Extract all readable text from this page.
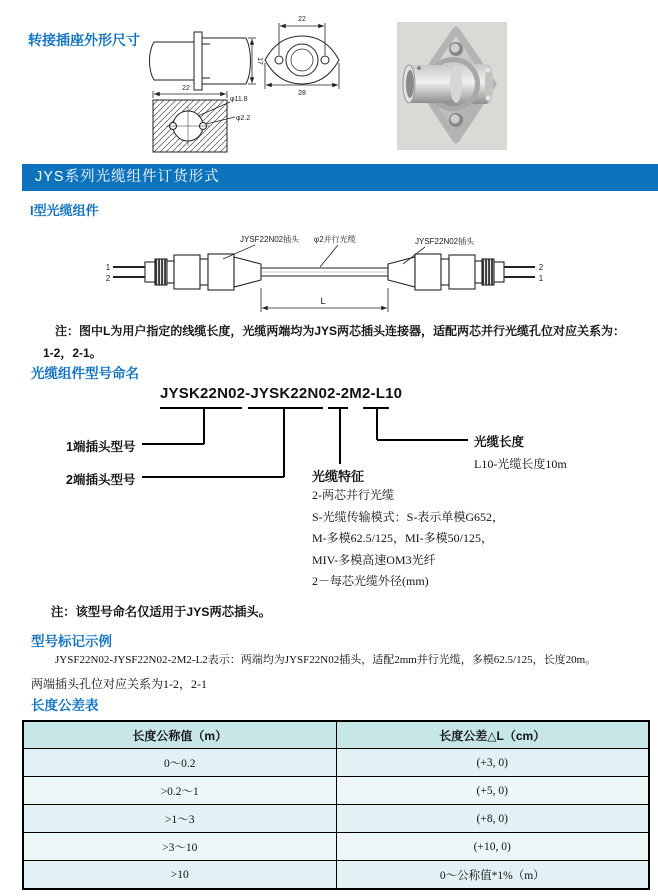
转接插座外形尺寸
17
22
φ11.8
φ2.2
22
28
JYS系列光缆组件订货形式
I型光缆组件
1
2
2
1
JYSF22N02插头 φ2并行光缆	JYSF22N02插头
L
注：图中L为用户指定的线缆长度，光缆两端均为JYS两芯插头连接器，适配两芯并行光缆孔位对应关系为：
1-2，2-1。
光缆组件型号命名
JYSK22N02-JYSK22N02-2M2-L10
1端插头型号
2端插头型号
光缆长度
L10-光缆长度10m
光缆特征
2-两芯并行光缆
S-光缆传输模式：S-表示单模G652，
M-多模62.5/125，MI-多模50/125，
MIV-多模高速OM3光纤
2－每芯光缆外径(mm)
注：该型号命名仅适用于JYS两芯插头。
型号标记示例
JYSF22N02-JYSF22N02-2M2-L2表示：两端均为JYSF22N02插头，适配2mm并行光缆，多模62.5/125，长度20m。
两端插头孔位对应关系为1-2，2-1
长度公差表
长度公称值（m）	长度公差△L（cm）
0～0.2	(+3, 0)
>0.2～1	(+5, 0)
>1～3	(+8, 0)
>3～10	(+10, 0)
>10	0～公称值*1%（m）
